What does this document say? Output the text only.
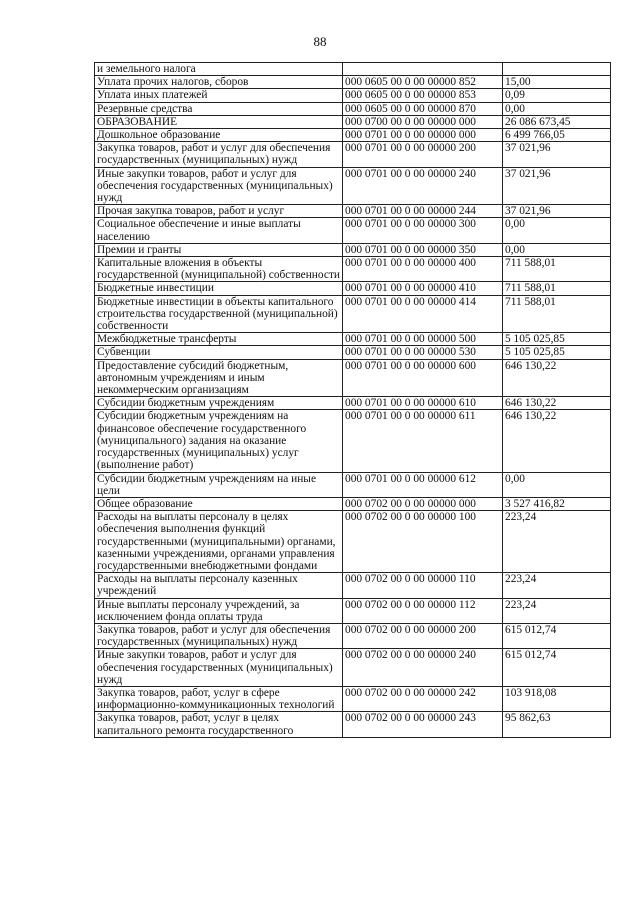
88
и земельного налога		
Уплата прочих налогов, сборов	000 0605 00 0 00 00000 852	15,00
Уплата иных платежей	000 0605 00 0 00 00000 853	0,09
Резервные средства	000 0605 00 0 00 00000 870	0,00
ОБРАЗОВАНИЕ	000 0700 00 0 00 00000 000	26 086 673,45
Дошкольное образование	000 0701 00 0 00 00000 000	6 499 766,05
Закупка товаров, работ и услуг для обеспечения государственных (муниципальных) нужд	000 0701 00 0 00 00000 200	37 021,96
Иные закупки товаров, работ и услуг для обеспечения государственных (муниципальных) нужд	000 0701 00 0 00 00000 240	37 021,96
Прочая закупка товаров, работ и услуг	000 0701 00 0 00 00000 244	37 021,96
Социальное обеспечение и иные выплаты населению	000 0701 00 0 00 00000 300	0,00
Премии и гранты	000 0701 00 0 00 00000 350	0,00
Капитальные вложения в объекты государственной (муниципальной) собственности	000 0701 00 0 00 00000 400	711 588,01
Бюджетные инвестиции	000 0701 00 0 00 00000 410	711 588,01
Бюджетные инвестиции в объекты капитального строительства государственной (муниципальной) собственности	000 0701 00 0 00 00000 414	711 588,01
Межбюджетные трансферты	000 0701 00 0 00 00000 500	5 105 025,85
Субвенции	000 0701 00 0 00 00000 530	5 105 025,85
Предоставление субсидий бюджетным, автономным учреждениям и иным некоммерческим организациям	000 0701 00 0 00 00000 600	646 130,22
Субсидии бюджетным учреждениям	000 0701 00 0 00 00000 610	646 130,22
Субсидии бюджетным учреждениям на финансовое обеспечение государственного (муниципального) задания на оказание государственных (муниципальных) услуг (выполнение работ)	000 0701 00 0 00 00000 611	646 130,22
Субсидии бюджетным учреждениям на иные цели	000 0701 00 0 00 00000 612	0,00
Общее образование	000 0702 00 0 00 00000 000	3 527 416,82
Расходы на выплаты персоналу в целях обеспечения выполнения функций государственными (муниципальными) органами, казенными учреждениями, органами управления государственными внебюджетными фондами	000 0702 00 0 00 00000 100	223,24
Расходы на выплаты персоналу казенных учреждений	000 0702 00 0 00 00000 110	223,24
Иные выплаты персоналу учреждений, за исключением фонда оплаты труда	000 0702 00 0 00 00000 112	223,24
Закупка товаров, работ и услуг для обеспечения государственных (муниципальных) нужд	000 0702 00 0 00 00000 200	615 012,74
Иные закупки товаров, работ и услуг для обеспечения государственных (муниципальных) нужд	000 0702 00 0 00 00000 240	615 012,74
Закупка товаров, работ, услуг в сфере информационно-коммуникационных технологий	000 0702 00 0 00 00000 242	103 918,08
Закупка товаров, работ, услуг в целях капитального ремонта государственного	000 0702 00 0 00 00000 243	95 862,63
